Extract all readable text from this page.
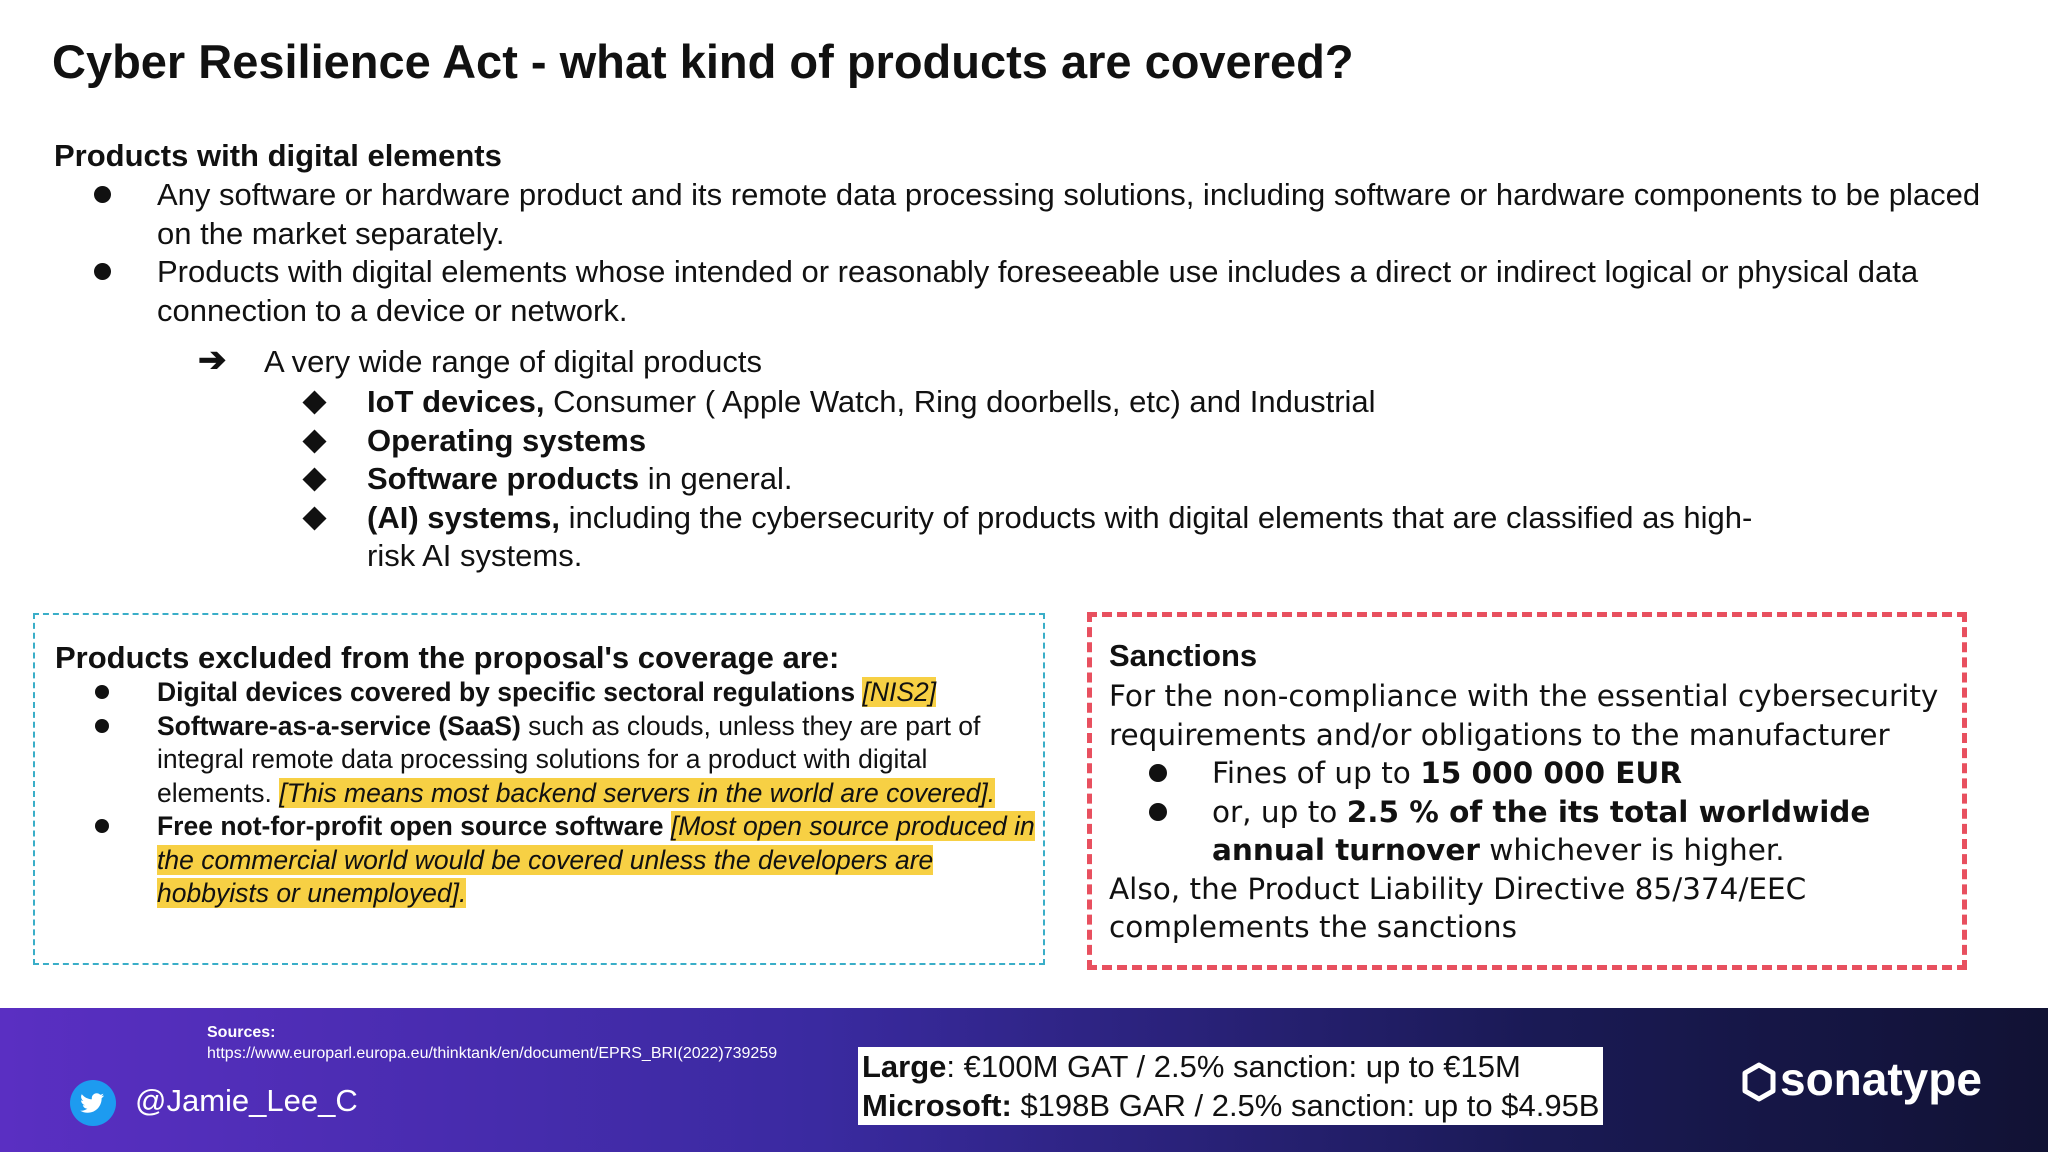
Cyber Resilience Act - what kind of products are covered?
Products with digital elements
Any software or hardware product and its remote data processing solutions, including software or hardware components to be placed on the market separately.
Products with digital elements whose intended or reasonably foreseeable use includes a direct or indirect logical or physical data connection to a device or network.
➔ A very wide range of digital products
IoT devices, Consumer ( Apple Watch, Ring doorbells, etc) and Industrial
Operating systems
Software products in general.
(AI) systems, including the cybersecurity of products with digital elements that are classified as high-risk AI systems.
Products excluded from the proposal's coverage are:
Digital devices covered by specific sectoral regulations [NIS2]
Software-as-a-service (SaaS) such as clouds, unless they are part of integral remote data processing solutions for a product with digital elements. [This means most backend servers in the world are covered].
Free not-for-profit open source software [Most open source produced in the commercial world would be covered unless the developers are hobbyists or unemployed].
Sanctions
For the non-compliance with the essential cybersecurity requirements and/or obligations to the manufacturer
Fines of up to 15 000 000 EUR
or, up to 2.5 % of the its total worldwide annual turnover whichever is higher.
Also, the Product Liability Directive 85/374/EEC complements the sanctions
Sources:
https://www.europarl.europa.eu/thinktank/en/document/EPRS_BRI(2022)739259
@Jamie_Lee_C
Large: €100M GAT / 2.5% sanction: up to €15M
Microsoft: $198B GAR / 2.5% sanction: up to $4.95B
sonatype
